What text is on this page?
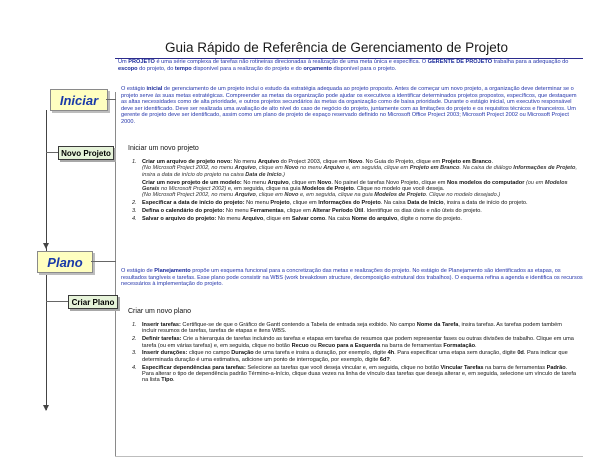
Guia Rápido de Referência de Gerenciamento de Projeto
Um PROJETO é uma série complexa de tarefas não rotineiras direcionadas à realização de uma meta única e específica. O GERENTE DE PROJETO trabalha para a adequação do escopo do projeto, do tempo disponível para a realização do projeto e do orçamento disponível para o projeto.
Iniciar
O estágio inicial de gerenciamento de um projeto inclui o estudo da estratégia adequada ao projeto proposto. Antes de começar um novo projeto, a organização deve determinar se o projeto serve às suas metas estratégicas. Compreender as metas da organização pode ajudar os executivos a identificar determinados projetos propostos, específicos, que destaquem as altas necessidades como de alta prioridade, e outros projetos secundários às metas da organização como de baixa prioridade. Durante o estágio inicial, um executivo responsável deve ser identificado. Deve ser realizada uma avaliação de alto nível do caso de negócio do projeto, juntamente com as limitações do projeto e os requisitos técnicos e financeiros. Um gerente de projeto deve ser identificado, assim como um plano de projeto de espaço reservado definido no Microsoft Office Project 2003; Microsoft Project 2002 ou Microsoft Project 2000.
Novo Projeto	Iniciar um novo projeto
1. Criar um arquivo de projeto novo: No menu Arquivo do Project 2003, clique em Novo. No Guia do Projeto, clique em Projeto em Branco.
(No Microsoft Project 2002, no menu Arquivo, clique em Novo no menu Arquivo e, em seguida, clique em Projeto em Branco. Na caixa de diálogo Informações de Projeto, insira a data de início do projeto na caixa Data de Início.)
Criar um novo projeto de um modelo: No menu Arquivo, clique em Novo. No painel de tarefas Novo Projeto, clique em Nos modelos do computador (ou em Modelos Gerais no Microsoft Project 2002) e, em seguida, clique na guia Modelos de Projeto. Clique no modelo que você deseja.
(No Microsoft Project 2002, no menu Arquivo, clique em Novo e, em seguida, clique na guia Modelos de Projeto. Clique no modelo desejado.)
2. Especificar a data de início do projeto: No menu Projeto, clique em Informações do Projeto. Na caixa Data de Início, insira a data de início do projeto.
3. Defina o calendário do projeto: No menu Ferramentas, clique em Alterar Período Útil. Identifique os dias úteis e não úteis do projeto.
4. Salvar o arquivo do projeto: No menu Arquivo, clique em Salvar como. Na caixa Nome do arquivo, digite o nome do projeto.
Plano
O estágio de Planejamento propõe um esquema funcional para a concretização das metas e realizações do projeto. No estágio de Planejamento são identificados as etapas, os resultados tangíveis e tarefas. Esse plano pode consistir na WBS (work breakdown structure, decomposição estrutural dos trabalhos). O esquema refina a agenda e identifica os recursos necessários à implementação do projeto.
Criar Plano
Criar um novo plano
1. Inserir tarefas: Certifique-se de que o Gráfico de Gantt contendo a Tabela de entrada seja exibido. No campo Nome da Tarefa, insira tarefas. As tarefas podem também incluir resumos de tarefas, tarefas de etapas e itens WBS.
2. Definir tarefas: Crie a hierarquia de tarefas incluindo as tarefas e etapas em tarefas de resumos que podem representar fases ou outras divisões de trabalho. Clique em uma tarefa (ou em várias tarefas) e, em seguida, clique no botão Recuo ou Recuo para a Esquerda na barra de ferramentas Formatação.
3. Inserir durações: clique no campo Duração de uma tarefa e insira a duração, por exemplo, digite 4h. Para especificar uma etapa sem duração, digite 0d. Para indicar que determinada duração é uma estimativa, adicione um ponto de interrogação, por exemplo, digite 6d?.
4. Especificar dependências para tarefas: Selecione as tarefas que você deseja vincular e, em seguida, clique no botão Vincular Tarefas na barra de ferramentas Padrão. Para alterar o tipo de dependência padrão Término-a-Início, clique duas vezes na linha de vínculo das tarefas que deseja alterar e, em seguida, selecione um vínculo de tarefa na lista Tipo.
